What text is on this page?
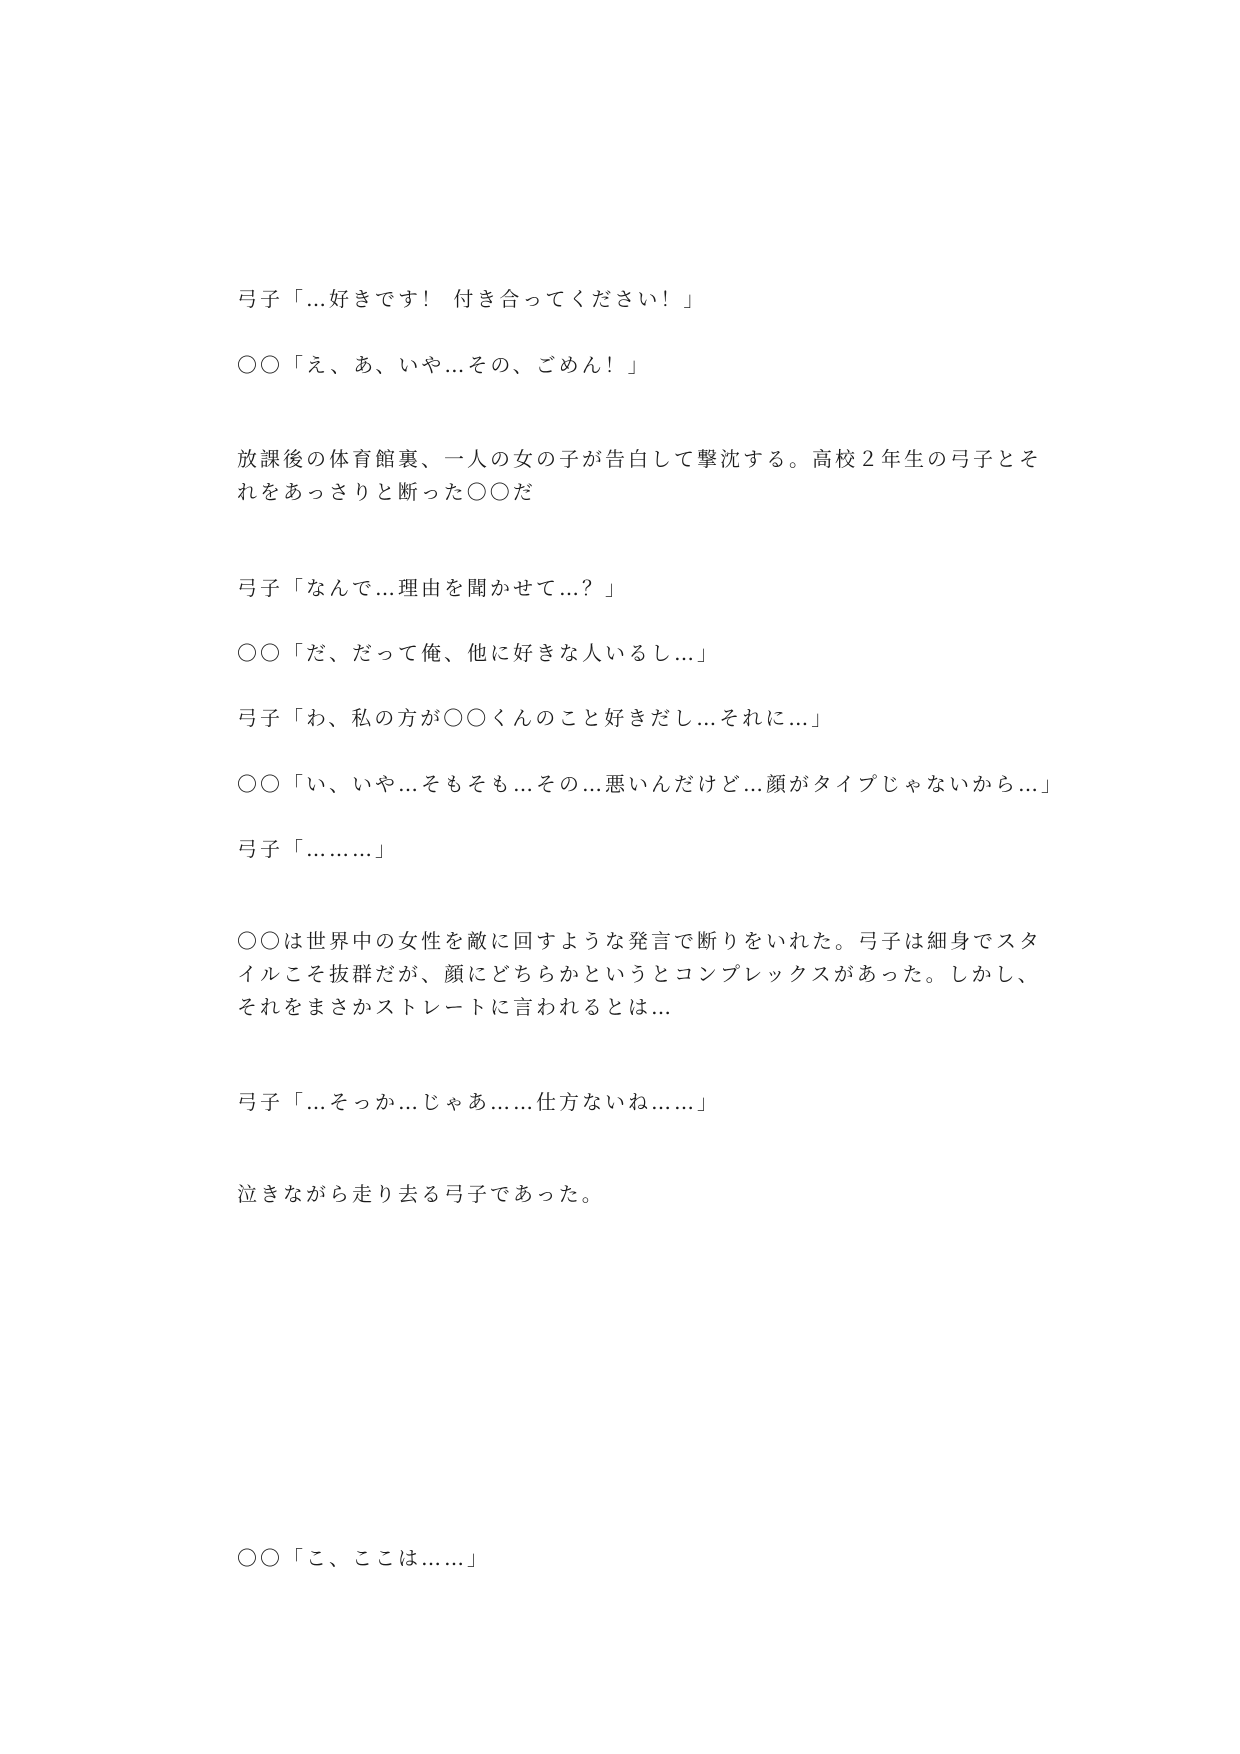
弓子「…好きです！ 付き合ってください！」
〇〇「え、あ、いや…その、ごめん！」
放課後の体育館裏、一人の女の子が告白して撃沈する。高校２年生の弓子とそ
れをあっさりと断った〇〇だ
弓子「なんで…理由を聞かせて…？」
〇〇「だ、だって俺、他に好きな人いるし…」
弓子「わ、私の方が〇〇くんのこと好きだし…それに…」
〇〇「い、いや…そもそも…その…悪いんだけど…顔がタイプじゃないから…」
弓子「………」
〇〇は世界中の女性を敵に回すような発言で断りをいれた。弓子は細身でスタ
イルこそ抜群だが、顔にどちらかというとコンプレックスがあった。しかし、
それをまさかストレートに言われるとは…
弓子「…そっか…じゃあ……仕方ないね……」
泣きながら走り去る弓子であった。
〇〇「こ、ここは……」
